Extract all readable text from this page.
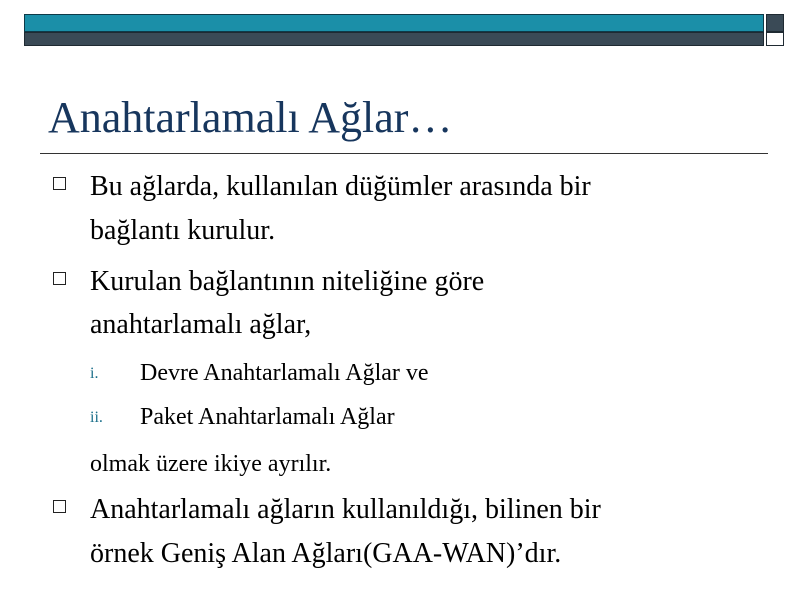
Anahtarlamalı Ağlar…
Bu ağlarda, kullanılan düğümler arasında bir
bağlantı kurulur.
Kurulan bağlantının niteliğine göre
anahtarlamalı ağlar,
i. Devre Anahtarlamalı Ağlar ve
ii. Paket Anahtarlamalı Ağlar
olmak üzere ikiye ayrılır.
Anahtarlamalı ağların kullanıldığı, bilinen bir
örnek Geniş Alan Ağları(GAA-WAN)’dır.
